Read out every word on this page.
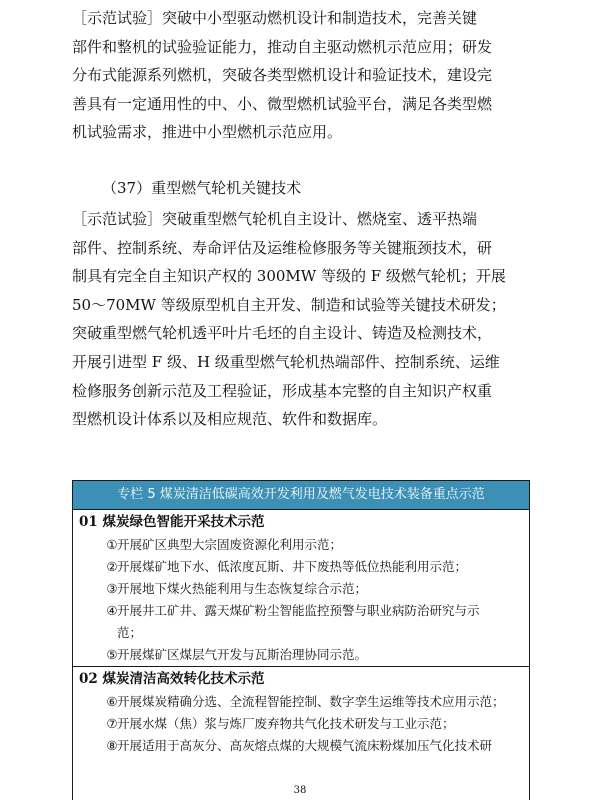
［示范试验］突破中小型驱动燃机设计和制造技术，完善关键
部件和整机的试验验证能力，推动自主驱动燃机示范应用；研发
分布式能源系列燃机，突破各类型燃机设计和验证技术，建设完
善具有一定通用性的中、小、微型燃机试验平台，满足各类型燃
机试验需求，推进中小型燃机示范应用。
（37）重型燃气轮机关键技术
［示范试验］突破重型燃气轮机自主设计、燃烧室、透平热端
部件、控制系统、寿命评估及运维检修服务等关键瓶颈技术，研
制具有完全自主知识产权的 300MW 等级的 F 级燃气轮机；开展
50～70MW 等级原型机自主开发、制造和试验等关键技术研发；
突破重型燃气轮机透平叶片毛坯的自主设计、铸造及检测技术，
开展引进型 F 级、H 级重型燃气轮机热端部件、控制系统、运维
检修服务创新示范及工程验证，形成基本完整的自主知识产权重
型燃机设计体系以及相应规范、软件和数据库。
专栏 5 煤炭清洁低碳高效开发利用及燃气发电技术装备重点示范
01 煤炭绿色智能开采技术示范
① 开展矿区典型大宗固废资源化利用示范；
② 开展煤矿地下水、低浓度瓦斯、井下废热等低位热能利用示范；
③ 开展地下煤火热能利用与生态恢复综合示范；
④ 开展井工矿井、露天煤矿粉尘智能监控预警与职业病防治研究与示
范；
⑤ 开展煤矿区煤层气开发与瓦斯治理协同示范。
02 煤炭清洁高效转化技术示范
⑥ 开展煤炭精确分选、全流程智能控制、数字孪生运维等技术应用示范；
⑦ 开展水煤（焦）浆与炼厂废弃物共气化技术研发与工业示范；
⑧ 开展适用于高灰分、高灰熔点煤的大规模气流床粉煤加压气化技术研
38
